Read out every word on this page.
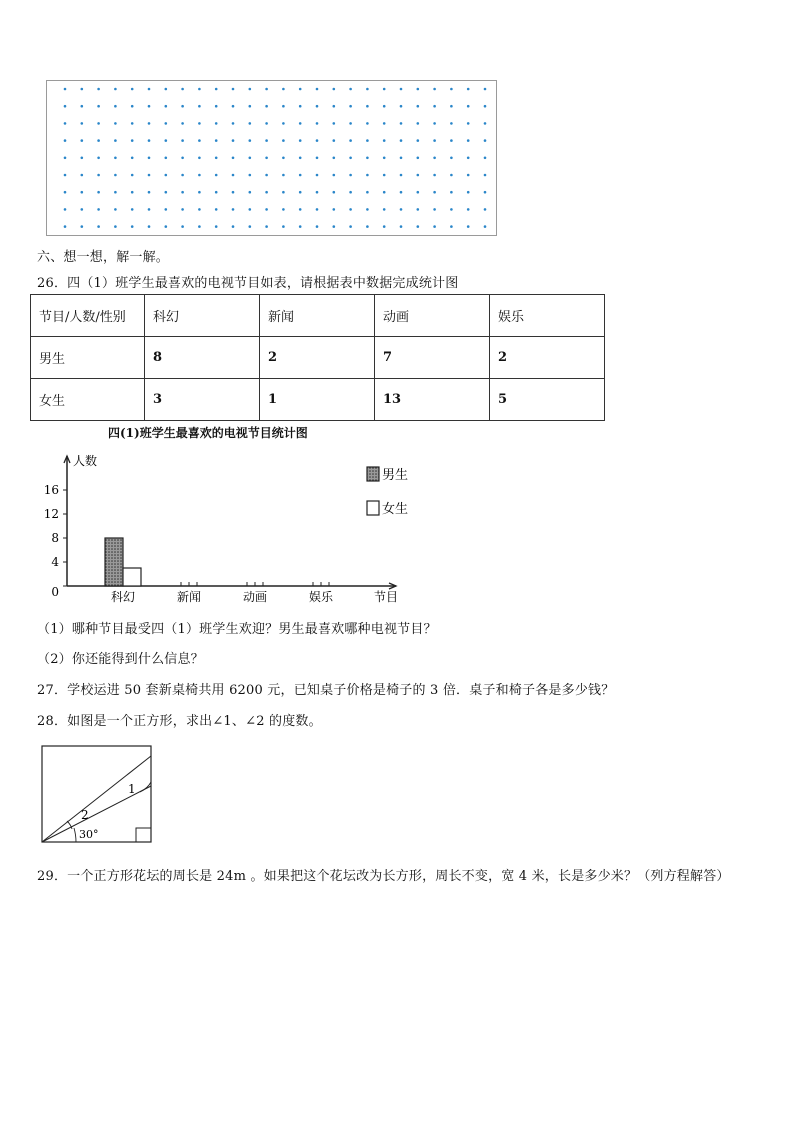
六、想一想，解一解。
26．四（1）班学生最喜欢的电视节目如表，请根据表中数据完成统计图
节目/人数/性别	科幻	新闻	动画	娱乐
男生	8	2	7	2
女生	3	1	13	5
四(1)班学生最喜欢的电视节目统计图
人数
0
4
8
12
16
科幻	新闻	动画	娱乐	节目
男生
女生
（1）哪种节目最受四（1）班学生欢迎？男生最喜欢哪种电视节目？
（2）你还能得到什么信息？
27．学校运进 50 套新桌椅共用 6200 元，已知桌子价格是椅子的 3 倍．桌子和椅子各是多少钱？
28．如图是一个正方形，求出∠1、∠2 的度数。
1
2
30°
29．一个正方形花坛的周长是 24m 。如果把这个花坛改为长方形，周长不变，宽 4 米，长是多少米？（列方程解答）
